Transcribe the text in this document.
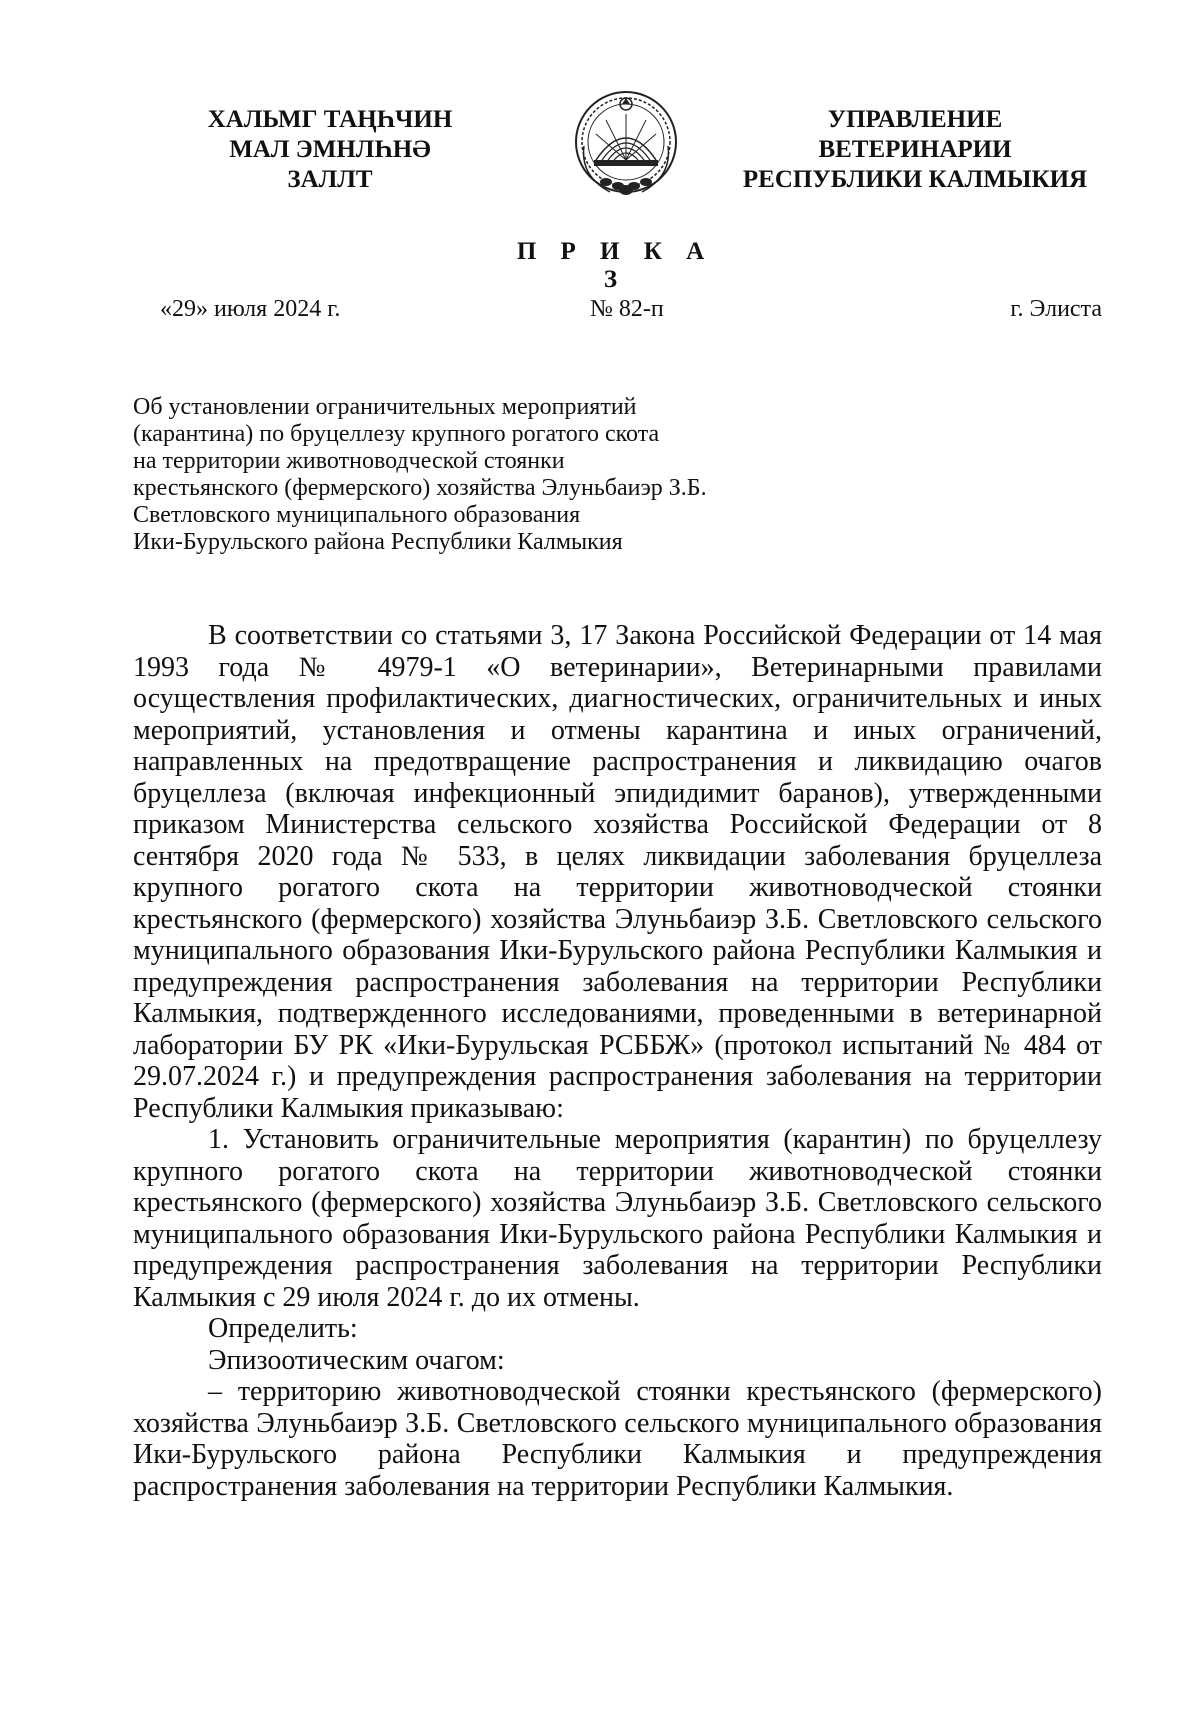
ХАЛЬМГ ТАҢҺЧИН
МАЛ ЭМНЛҺНӘ
ЗАЛЛТ
УПРАВЛЕНИЕ
ВЕТЕРИНАРИИ
РЕСПУБЛИКИ КАЛМЫКИЯ
П Р И К А З
«29» июля 2024 г.	№ 82-п	г. Элиста
Об установлении ограничительных мероприятий
(карантина) по бруцеллезу крупного рогатого скота
на территории животноводческой стоянки
крестьянского (фермерского) хозяйства Элуньбаиэр З.Б.
Светловского муниципального образования
Ики-Бурульского района Республики Калмыкия

В соответствии со статьями 3, 17 Закона Российской Федерации от 14 мая 1993 года № 4979-1 «О ветеринарии», Ветеринарными правилами осуществления профилактических, диагностических, ограничительных и иных мероприятий, установления и отмены карантина и иных ограничений, направленных на предотвращение распространения и ликвидацию очагов бруцеллеза (включая инфекционный эпидидимит баранов), утвержденными приказом Министерства сельского хозяйства Российской Федерации от 8 сентября 2020 года № 533, в целях ликвидации заболевания бруцеллеза крупного рогатого скота на территории животноводческой стоянки крестьянского (фермерского) хозяйства Элуньбаиэр З.Б. Светловского сельского муниципального образования Ики-Бурульского района Республики Калмыкия и предупреждения распространения заболевания на территории Республики Калмыкия, подтвержденного исследованиями, проведенными в ветеринарной лаборатории БУ РК «Ики-Бурульская РСББЖ» (протокол испытаний № 484 от 29.07.2024 г.) и предупреждения распространения заболевания на территории Республики Калмыкия приказываю:

1. Установить ограничительные мероприятия (карантин) по бруцеллезу крупного рогатого скота на территории животноводческой стоянки крестьянского (фермерского) хозяйства Элуньбаиэр З.Б. Светловского сельского муниципального образования Ики-Бурульского района Республики Калмыкия и предупреждения распространения заболевания на территории Республики Калмыкия с 29 июля 2024 г. до их отмены.

Определить:

Эпизоотическим очагом:

– территорию животноводческой стоянки крестьянского (фермерского) хозяйства Элуньбаиэр З.Б. Светловского сельского муниципального образования Ики-Бурульского района Республики Калмыкия и предупреждения распространения заболевания на территории Республики Калмыкия.
